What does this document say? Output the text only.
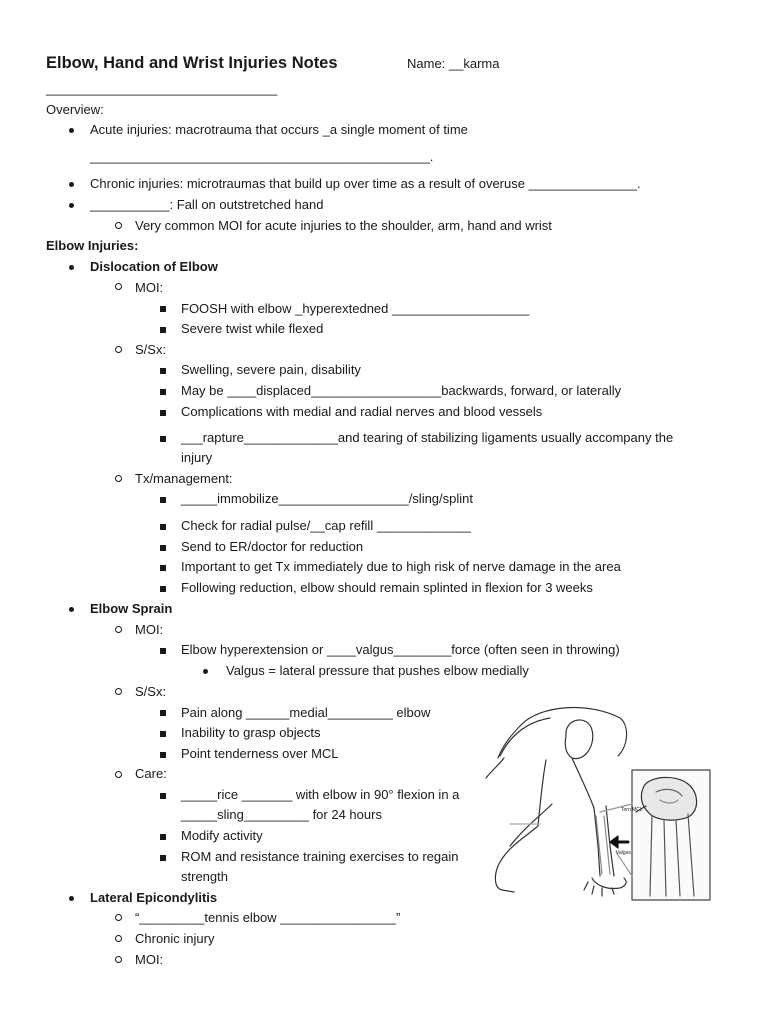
Elbow, Hand and Wrist Injuries Notes	Name: __karma
________________________________
Overview:
Acute injuries: macrotrauma that occurs _a single moment of time
_______________________________________________.
Chronic injuries: microtraumas that build up over time as a result of overuse _______________.
___________: Fall on outstretched hand
Very common MOI for acute injuries to the shoulder, arm, hand and wrist
Elbow Injuries:
Dislocation of Elbow
MOI:
FOOSH with elbow _hyperextedned ___________________
Severe twist while flexed
S/Sx:
Swelling, severe pain, disability
May be ____displaced__________________backwards, forward, or laterally
Complications with medial and radial nerves and blood vessels
___rapture_____________and tearing of stabilizing ligaments usually accompany the
injury
Tx/management:
_____immobilize__________________/sling/splint
Check for radial pulse/__cap refill _____________
Send to ER/doctor for reduction
Important to get Tx immediately due to high risk of nerve damage in the area
Following reduction, elbow should remain splinted in flexion for 3 weeks
Elbow Sprain
MOI:
Elbow hyperextension or ____valgus________force (often seen in throwing)
Valgus = lateral pressure that pushes elbow medially
S/Sx:
Pain along ______medial_________ elbow
Inability to grasp objects
Point tenderness over MCL
Care:
_____rice _______ with elbow in 90° flexion in a
_____sling_________ for 24 hours
Modify activity
ROM and resistance training exercises to regain
strength
Lateral Epicondylitis
“_________tennis elbow ________________”
Chronic injury
MOI:
Torn MCL
Valgus
